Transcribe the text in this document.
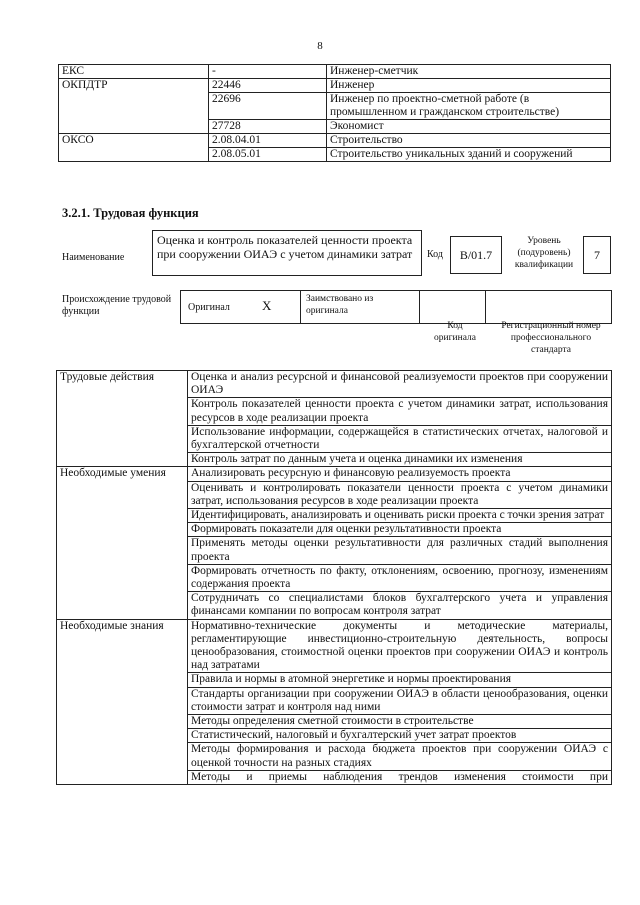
8
ЕКС	-	Инженер-сметчик
ОКПДТР	22446	Инженер
	22696	Инженер по проектно-сметной работе (в промышленном и гражданском строительстве)
	27728	Экономист
ОКСО	2.08.04.01	Строительство
	2.08.05.01	Строительство уникальных зданий и сооружений
3.2.1. Трудовая функция
Наименование
Оценка и контроль показателей ценности проекта при сооружении ОИАЭ с учетом динамики затрат	Код	B/01.7
Уровень (подуровень) квалификации
7
Происхождение трудовой функции	Оригинал X	Заимствовано из оригинала
Код оригинала
Регистрационный номер профессионального стандарта
Трудовые действия	Оценка и анализ ресурсной и финансовой реализуемости проектов при сооружении ОИАЭ
	Контроль показателей ценности проекта с учетом динамики затрат, использования ресурсов в ходе реализации проекта
	Использование информации, содержащейся в статистических отчетах, налоговой и бухгалтерской отчетности
	Контроль затрат по данным учета и оценка динамики их изменения
Необходимые умения	Анализировать ресурсную и финансовую реализуемость проекта
	Оценивать и контролировать показатели ценности проекта с учетом динамики затрат, использования ресурсов в ходе реализации проекта
	Идентифицировать, анализировать и оценивать риски проекта с точки зрения затрат
	Формировать показатели для оценки результативности проекта
	Применять методы оценки результативности для различных стадий выполнения проекта
	Формировать отчетность по факту, отклонениям, освоению, прогнозу, изменениям содержания проекта
	Сотрудничать со специалистами блоков бухгалтерского учета и управления финансами компании по вопросам контроля затрат
Необходимые знания	Нормативно-технические документы и методические материалы, регламентирующие инвестиционно-строительную деятельность, вопросы ценообразования, стоимостной оценки проектов при сооружении ОИАЭ и контроль над затратами
	Правила и нормы в атомной энергетике и нормы проектирования
	Стандарты организации при сооружении ОИАЭ в области ценообразования, оценки стоимости затрат и контроля над ними
	Методы определения сметной стоимости в строительстве
	Статистический, налоговый и бухгалтерский учет затрат проектов
	Методы формирования и расхода бюджета проектов при сооружении ОИАЭ с оценкой точности на разных стадиях
	Методы и приемы наблюдения трендов изменения стоимости при
